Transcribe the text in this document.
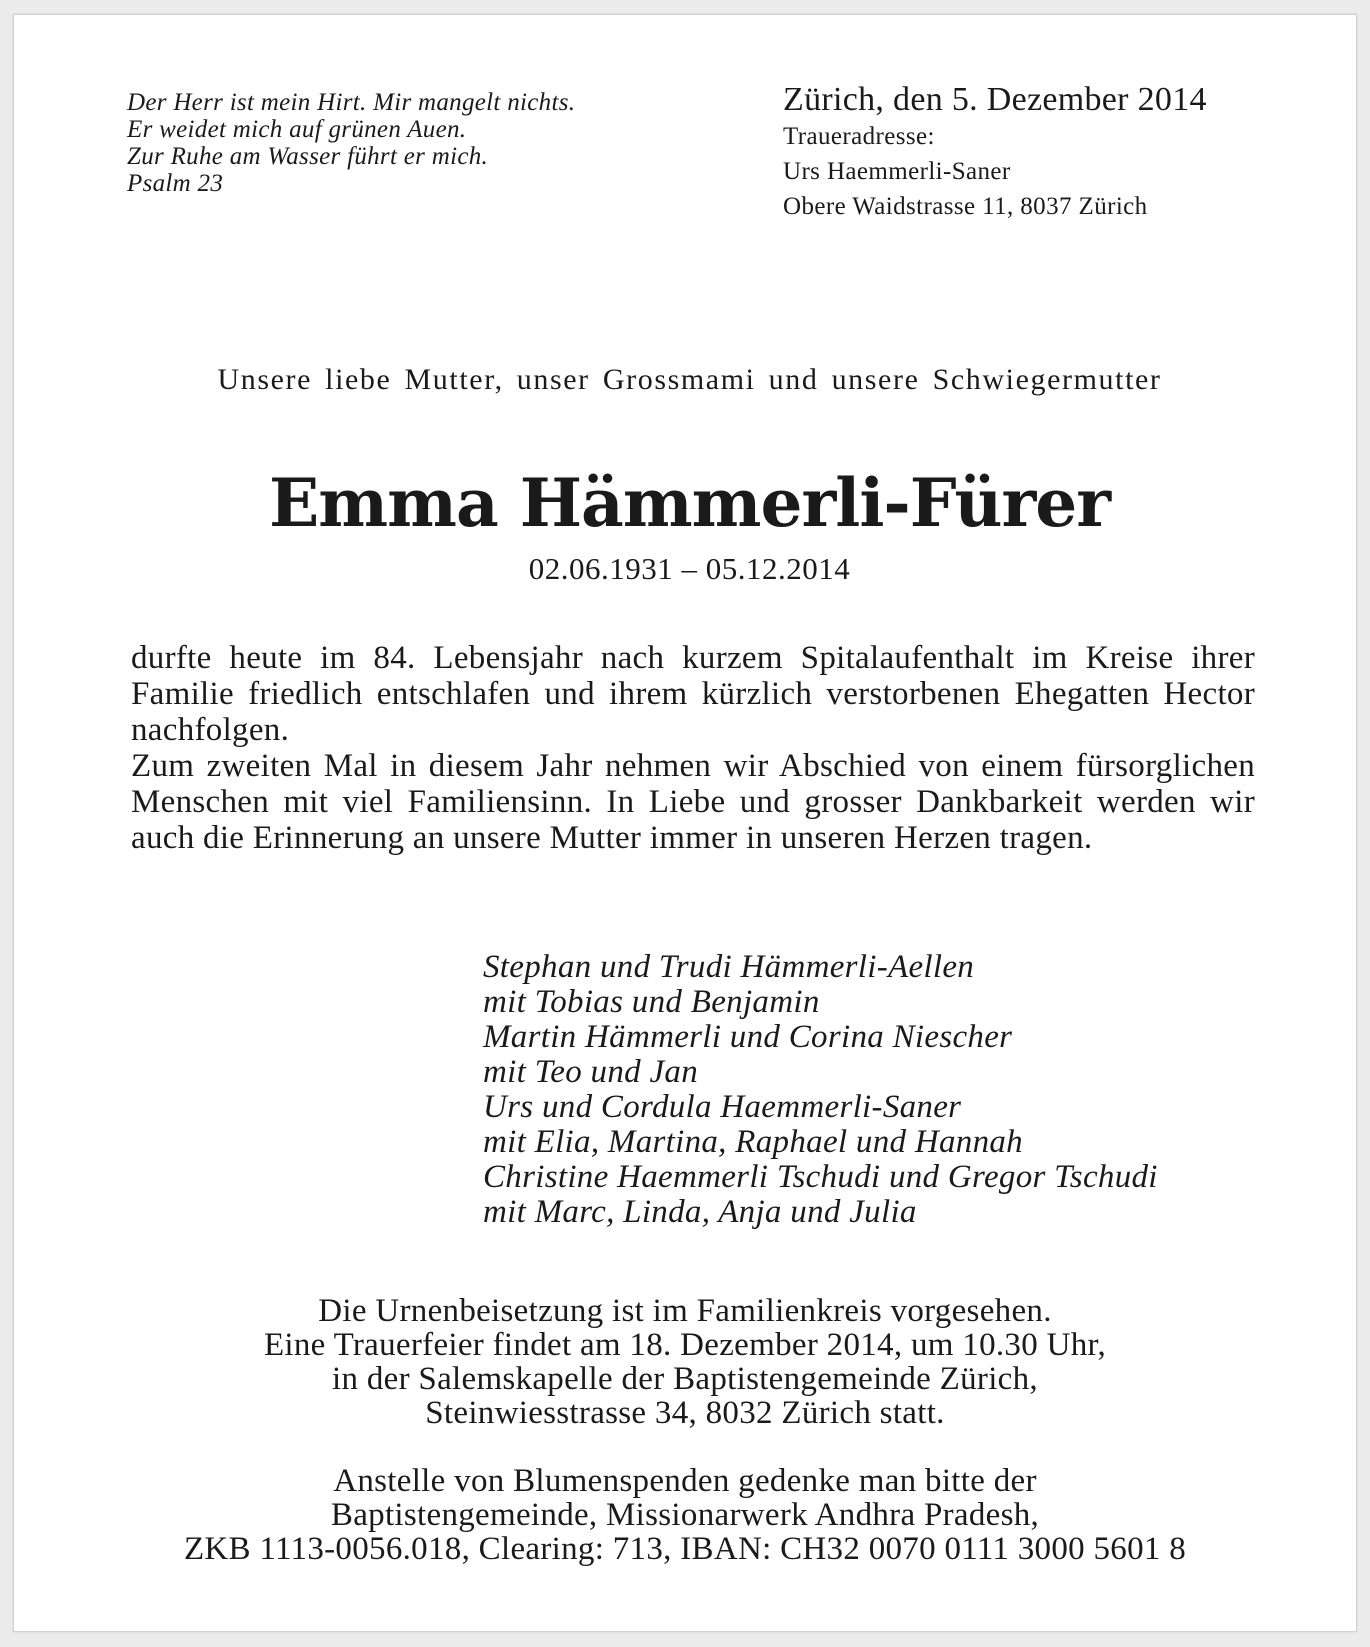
Der Herr ist mein Hirt. Mir mangelt nichts.
Er weidet mich auf grünen Auen.
Zur Ruhe am Wasser führt er mich.
Psalm 23
Zürich, den 5. Dezember 2014
Traueradresse:
Urs Haemmerli-Saner
Obere Waidstrasse 11, 8037 Zürich
Unsere liebe Mutter, unser Grossmami und unsere Schwiegermutter
Emma Hämmerli-Fürer
02.06.1931 – 05.12.2014

durfte heute im 84. Lebensjahr nach kurzem Spitalaufenthalt im Kreise ihrer Familie friedlich entschlafen und ihrem kürzlich verstorbenen Ehegatten Hector nachfolgen.

Zum zweiten Mal in diesem Jahr nehmen wir Abschied von einem fürsorglichen Menschen mit viel Familiensinn. In Liebe und grosser Dankbarkeit werden wir auch die Erinnerung an unsere Mutter immer in unseren Herzen tragen.

Stephan und Trudi Hämmerli-Aellen
mit Tobias und Benjamin
Martin Hämmerli und Corina Niescher
mit Teo und Jan
Urs und Cordula Haemmerli-Saner
mit Elia, Martina, Raphael und Hannah
Christine Haemmerli Tschudi und Gregor Tschudi
mit Marc, Linda, Anja und Julia
Die Urnenbeisetzung ist im Familienkreis vorgesehen.
Eine Trauerfeier findet am 18. Dezember 2014, um 10.30 Uhr,
in der Salemskapelle der Baptistengemeinde Zürich,
Steinwiesstrasse 34, 8032 Zürich statt.
Anstelle von Blumenspenden gedenke man bitte der
Baptistengemeinde, Missionarwerk Andhra Pradesh,
ZKB 1113-0056.018, Clearing: 713, IBAN: CH32 0070 0111 3000 5601 8
